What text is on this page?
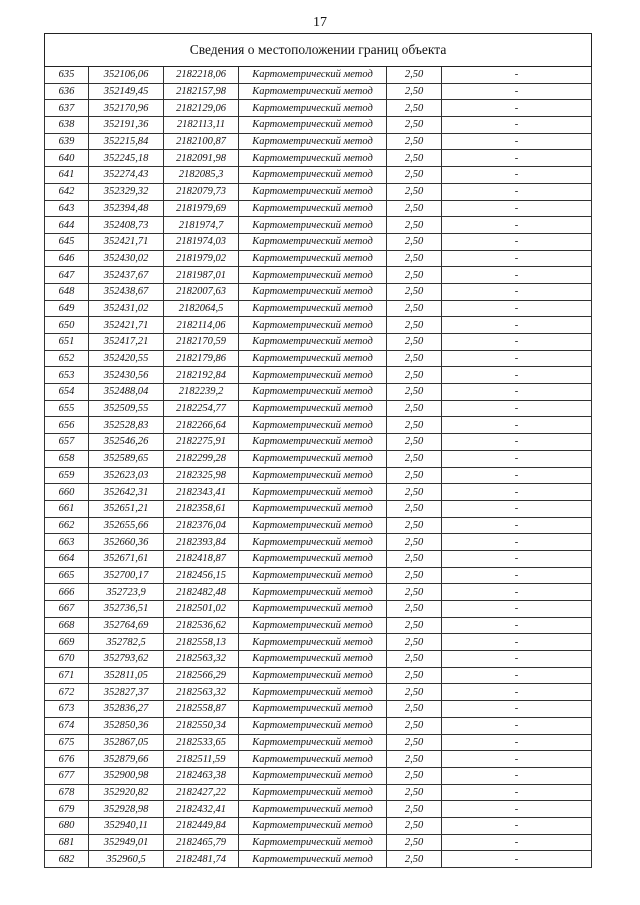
17
Сведения о местоположении границ объекта					
635	352106,06	2182218,06	Картометрический метод	2,50	-
636	352149,45	2182157,98	Картометрический метод	2,50	-
637	352170,96	2182129,06	Картометрический метод	2,50	-
638	352191,36	2182113,11	Картометрический метод	2,50	-
639	352215,84	2182100,87	Картометрический метод	2,50	-
640	352245,18	2182091,98	Картометрический метод	2,50	-
641	352274,43	2182085,3	Картометрический метод	2,50	-
642	352329,32	2182079,73	Картометрический метод	2,50	-
643	352394,48	2181979,69	Картометрический метод	2,50	-
644	352408,73	2181974,7	Картометрический метод	2,50	-
645	352421,71	2181974,03	Картометрический метод	2,50	-
646	352430,02	2181979,02	Картометрический метод	2,50	-
647	352437,67	2181987,01	Картометрический метод	2,50	-
648	352438,67	2182007,63	Картометрический метод	2,50	-
649	352431,02	2182064,5	Картометрический метод	2,50	-
650	352421,71	2182114,06	Картометрический метод	2,50	-
651	352417,21	2182170,59	Картометрический метод	2,50	-
652	352420,55	2182179,86	Картометрический метод	2,50	-
653	352430,56	2182192,84	Картометрический метод	2,50	-
654	352488,04	2182239,2	Картометрический метод	2,50	-
655	352509,55	2182254,77	Картометрический метод	2,50	-
656	352528,83	2182266,64	Картометрический метод	2,50	-
657	352546,26	2182275,91	Картометрический метод	2,50	-
658	352589,65	2182299,28	Картометрический метод	2,50	-
659	352623,03	2182325,98	Картометрический метод	2,50	-
660	352642,31	2182343,41	Картометрический метод	2,50	-
661	352651,21	2182358,61	Картометрический метод	2,50	-
662	352655,66	2182376,04	Картометрический метод	2,50	-
663	352660,36	2182393,84	Картометрический метод	2,50	-
664	352671,61	2182418,87	Картометрический метод	2,50	-
665	352700,17	2182456,15	Картометрический метод	2,50	-
666	352723,9	2182482,48	Картометрический метод	2,50	-
667	352736,51	2182501,02	Картометрический метод	2,50	-
668	352764,69	2182536,62	Картометрический метод	2,50	-
669	352782,5	2182558,13	Картометрический метод	2,50	-
670	352793,62	2182563,32	Картометрический метод	2,50	-
671	352811,05	2182566,29	Картометрический метод	2,50	-
672	352827,37	2182563,32	Картометрический метод	2,50	-
673	352836,27	2182558,87	Картометрический метод	2,50	-
674	352850,36	2182550,34	Картометрический метод	2,50	-
675	352867,05	2182533,65	Картометрический метод	2,50	-
676	352879,66	2182511,59	Картометрический метод	2,50	-
677	352900,98	2182463,38	Картометрический метод	2,50	-
678	352920,82	2182427,22	Картометрический метод	2,50	-
679	352928,98	2182432,41	Картометрический метод	2,50	-
680	352940,11	2182449,84	Картометрический метод	2,50	-
681	352949,01	2182465,79	Картометрический метод	2,50	-
682	352960,5	2182481,74	Картометрический метод	2,50	-
